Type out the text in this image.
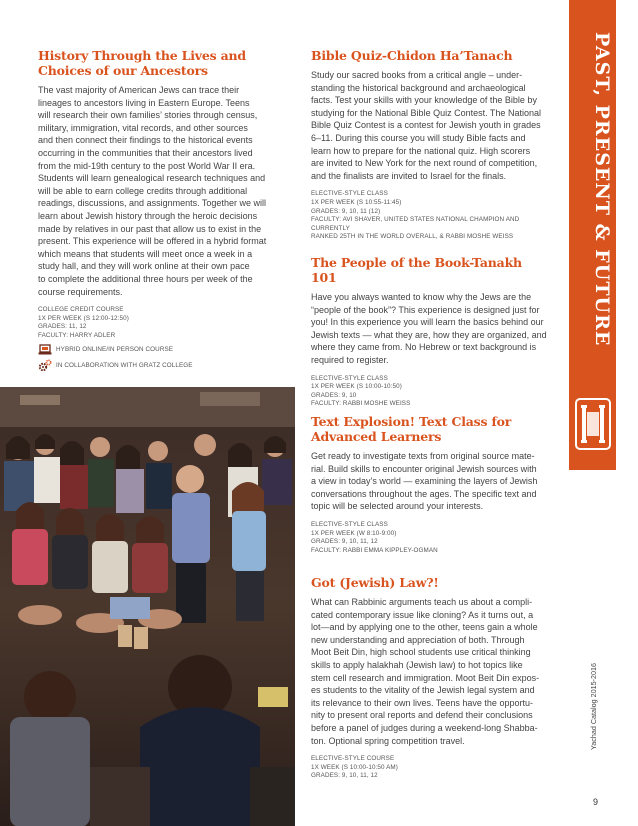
History Through the Lives and
Choices of our Ancestors
The vast majority of American Jews can trace their
lineages to ancestors living in Eastern Europe. Teens
will research their own families’ stories through census,
military, immigration, vital records, and other sources
and then connect their findings to the historical events
occurring in the communities that their ancestors lived
from the mid-19th century to the post World War II era.
Students will learn genealogical research techniques and
will be able to earn college credits through additional
readings, discussions, and assignments. Together we will
learn about Jewish history through the heroic decisions
made by relatives in our past that allow us to exist in the
present. This experience will be offered in a hybrid format
which means that students will meet once a week in a
study hall, and they will work online at their own pace
to complete the additional three hours per week of the
course requirements.
COLLEGE CREDIT COURSE
1X PER WEEK (S 12:00-12:50)
GRADES: 11, 12
FACULTY: HARRY ADLER
HYBRID ONLINE/IN PERSON COURSE
IN COLLABORATION WITH GRATZ COLLEGE
Bible Quiz-Chidon Ha’Tanach
Study our sacred books from a critical angle – under-
standing the historical background and archaeological
facts. Test your skills with your knowledge of the Bible by
studying for the National Bible Quiz Contest. The National
Bible Quiz Contest is a contest for Jewish youth in grades
6–11. During this course you will study Bible facts and
learn how to prepare for the national quiz. High scorers
are invited to New York for the next round of competition,
and the finalists are invited to Israel for the finals.
ELECTIVE-STYLE CLASS
1X PER WEEK (S 10:55-11:45)
GRADES: 9, 10, 11 (12)
FACULTY: AVI SHAVER, UNITED STATES NATIONAL CHAMPION AND CURRENTLY
RANKED 25TH IN THE WORLD OVERALL, & RABBI MOSHE WEISS
The People of the Book-Tanakh 101
Have you always wanted to know why the Jews are the
“people of the book”? This experience is designed just for
you! In this experience you will learn the basics behind our
Jewish texts — what they are, how they are organized, and
where they came from. No Hebrew or text background is
required to register.
ELECTIVE-STYLE CLASS
1X PER WEEK (S 10:00-10:50)
GRADES: 9, 10
FACULTY: RABBI MOSHE WEISS
Text Explosion! Text Class for
Advanced Learners
Get ready to investigate texts from original source mate-
rial. Build skills to encounter original Jewish sources with
a view in today’s world — examining the layers of Jewish
conversations throughout the ages. The specific text and
topic will be selected around your interests.
ELECTIVE-STYLE CLASS
1X PER WEEK (W 8:10-9:00)
GRADES: 9, 10, 11, 12
FACULTY: RABBI EMMA KIPPLEY-OGMAN
Got (Jewish) Law?!
What can Rabbinic arguments teach us about a compli-
cated contemporary issue like cloning? As it turns out, a
lot—and by applying one to the other, teens gain a whole
new understanding and appreciation of both. Through
Moot Beit Din, high school students use critical thinking
skills to apply halakhah (Jewish law) to hot topics like
stem cell research and immigration. Moot Beit Din expos-
es students to the vitality of the Jewish legal system and
its relevance to their own lives. Teens have the opportu-
nity to present oral reports and defend their conclusions
before a panel of judges during a weekend-long Shabba-
ton. Optional spring competition travel.
ELECTIVE-STYLE COURSE
1X WEEK (S 10:00-10:50 AM)
GRADES: 9, 10, 11, 12
PAST, PRESENT & FUTURE
Yachad Catalog 2015-2016
9
